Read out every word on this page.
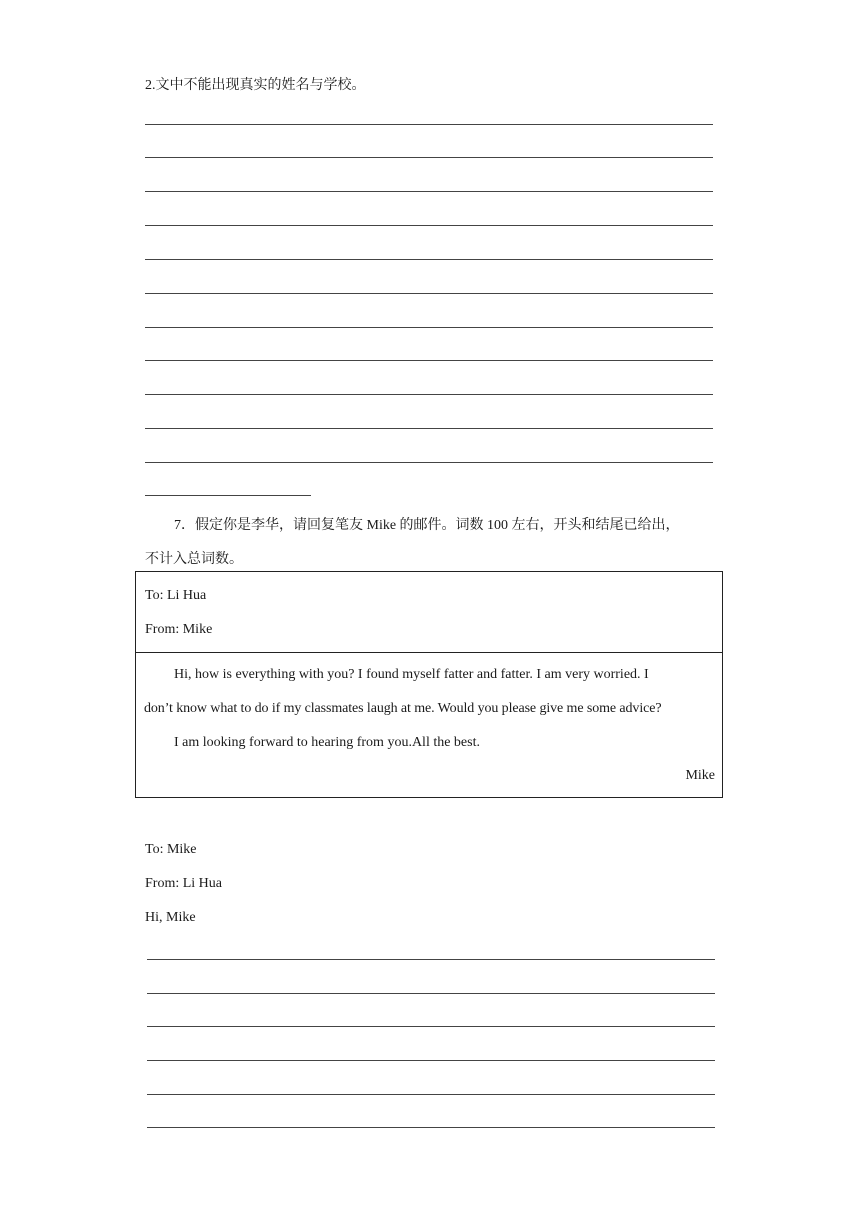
2.文中不能出现真实的姓名与学校。
7．假定你是李华，请回复笔友 Mike 的邮件。词数 100 左右，开头和结尾已给出，
不计入总词数。
To: Li Hua
From: Mike
Hi, how is everything with you? I found myself fatter and fatter. I am very worried. I
don’t know what to do if my classmates laugh at me. Would you please give me some advice?
I am looking forward to hearing from you.All the best.
Mike
To: Mike
From: Li Hua
Hi, Mike
